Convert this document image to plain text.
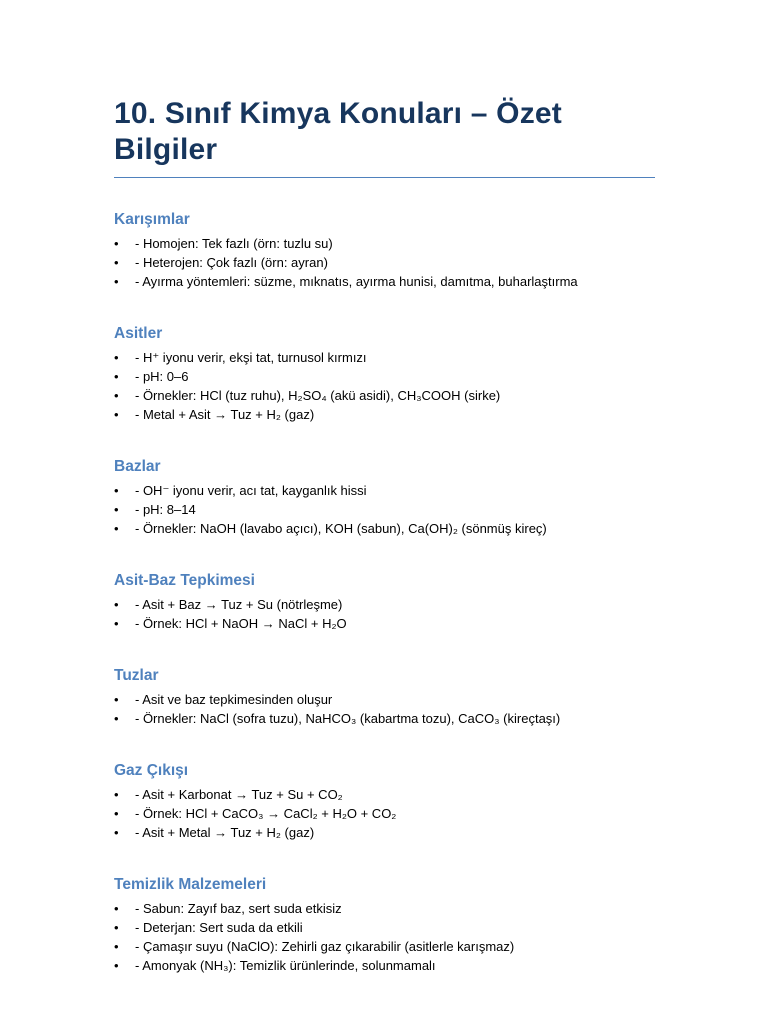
10. Sınıf Kimya Konuları – Özet Bilgiler
Karışımlar
• - Homojen: Tek fazlı (örn: tuzlu su)
• - Heterojen: Çok fazlı (örn: ayran)
• - Ayırma yöntemleri: süzme, mıknatıs, ayırma hunisi, damıtma, buharlaştırma
Asitler
• - H⁺ iyonu verir, ekşi tat, turnusol kırmızı
• - pH: 0–6
• - Örnekler: HCl (tuz ruhu), H₂SO₄ (akü asidi), CH₃COOH (sirke)
• - Metal + Asit → Tuz + H₂ (gaz)
Bazlar
• - OH⁻ iyonu verir, acı tat, kayganlık hissi
• - pH: 8–14
• - Örnekler: NaOH (lavabo açıcı), KOH (sabun), Ca(OH)₂ (sönmüş kireç)
Asit-Baz Tepkimesi
• - Asit + Baz → Tuz + Su (nötrleşme)
• - Örnek: HCl + NaOH → NaCl + H₂O
Tuzlar
• - Asit ve baz tepkimesinden oluşur
• - Örnekler: NaCl (sofra tuzu), NaHCO₃ (kabartma tozu), CaCO₃ (kireçtaşı)
Gaz Çıkışı
• - Asit + Karbonat → Tuz + Su + CO₂
• - Örnek: HCl + CaCO₃ → CaCl₂ + H₂O + CO₂
• - Asit + Metal → Tuz + H₂ (gaz)
Temizlik Malzemeleri
• - Sabun: Zayıf baz, sert suda etkisiz
• - Deterjan: Sert suda da etkili
• - Çamaşır suyu (NaClO): Zehirli gaz çıkarabilir (asitlerle karışmaz)
• - Amonyak (NH₃): Temizlik ürünlerinde, solunmamalı
